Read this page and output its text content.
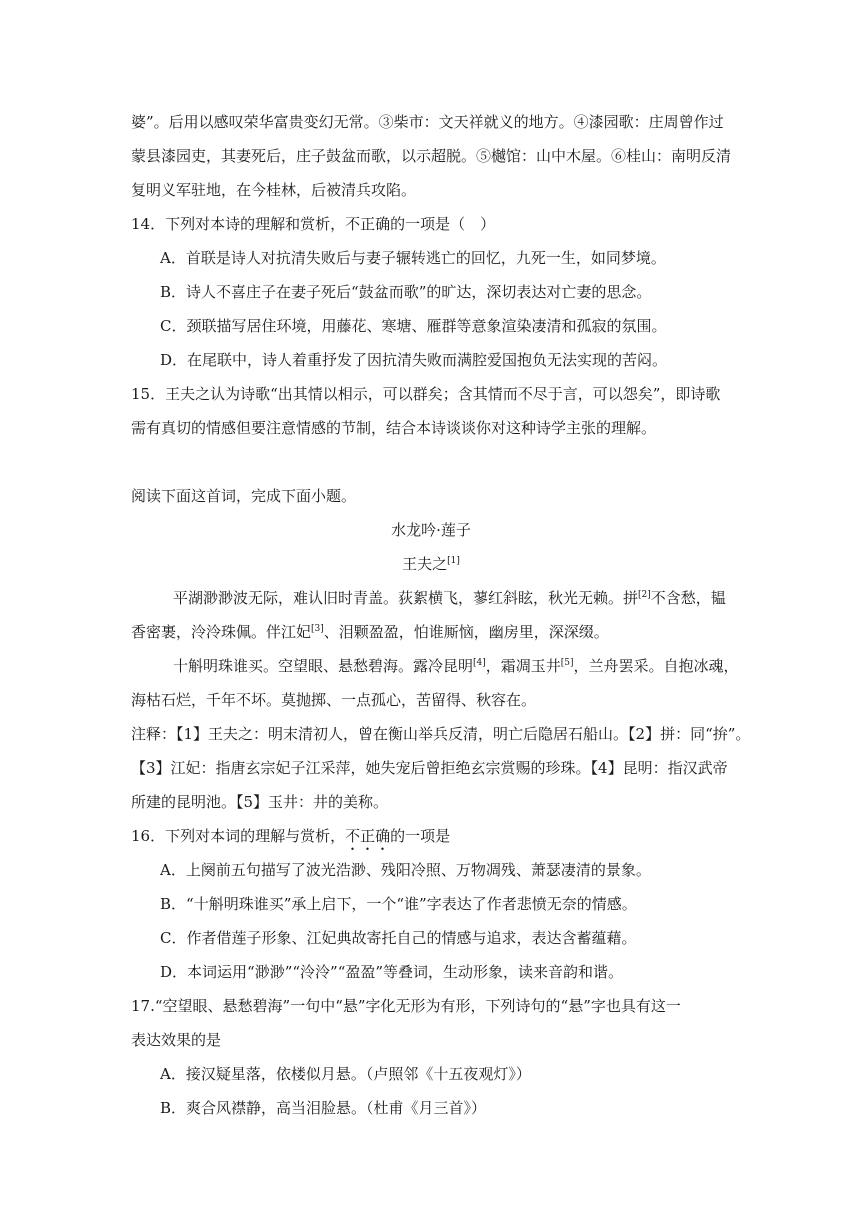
婆”。后用以感叹荣华富贵变幻无常。③柴市：文天祥就义的地方。④漆园歌：庄周曾作过
蒙县漆园吏，其妻死后，庄子鼓盆而歌，以示超脱。⑤樾馆：山中木屋。⑥桂山：南明反清
复明义军驻地，在今桂林，后被清兵攻陷。
14．下列对本诗的理解和赏析，不正确的一项是（　）
A．首联是诗人对抗清失败后与妻子辗转逃亡的回忆，九死一生，如同梦境。
B．诗人不喜庄子在妻子死后“鼓盆而歌”的旷达，深切表达对亡妻的思念。
C．颈联描写居住环境，用藤花、寒塘、雁群等意象渲染凄清和孤寂的氛围。
D．在尾联中，诗人着重抒发了因抗清失败而满腔爱国抱负无法实现的苦闷。
15．王夫之认为诗歌“出其情以相示，可以群矣；含其情而不尽于言，可以怨矣”，即诗歌
需有真切的情感但要注意情感的节制，结合本诗谈谈你对这种诗学主张的理解。
阅读下面这首词，完成下面小题。
水龙吟·莲子
王夫之[1]
平湖渺渺波无际，难认旧时青盖。荻絮横飞，蓼红斜眩，秋光无赖。拼[2]不含愁，韫
香密裹，泠泠珠佩。伴江妃[3]、泪颗盈盈，怕谁厮恼，幽房里，深深缀。
十斛明珠谁买。空望眼、悬愁碧海。露冷昆明[4]，霜凋玉井[5]，兰舟罢采。自抱冰魂，
海枯石烂，千年不坏。莫抛掷、一点孤心，苦留得、秋容在。
注释：【1】王夫之：明末清初人，曾在衡山举兵反清，明亡后隐居石船山。【2】拼：同“拚”。
【3】江妃：指唐玄宗妃子江采萍，她失宠后曾拒绝玄宗赏赐的珍珠。【4】昆明：指汉武帝
所建的昆明池。【5】玉井：井的美称。
16．下列对本词的理解与赏析，不正确的一项是
A．上阕前五句描写了波光浩渺、残阳冷照、万物凋残、萧瑟凄清的景象。
B．“十斛明珠谁买”承上启下，一个“谁”字表达了作者悲愤无奈的情感。
C．作者借莲子形象、江妃典故寄托自己的情感与追求，表达含蓄蕴藉。
D．本词运用“渺渺”“泠泠”“盈盈”等叠词，生动形象，读来音韵和谐。
17.“空望眼、悬愁碧海”一句中“悬”字化无形为有形，下列诗句的“悬”字也具有这一
表达效果的是
A．接汉疑星落，依楼似月悬。（卢照邻《十五夜观灯》）
B．爽合风襟静，高当泪脸悬。（杜甫《月三首》）
